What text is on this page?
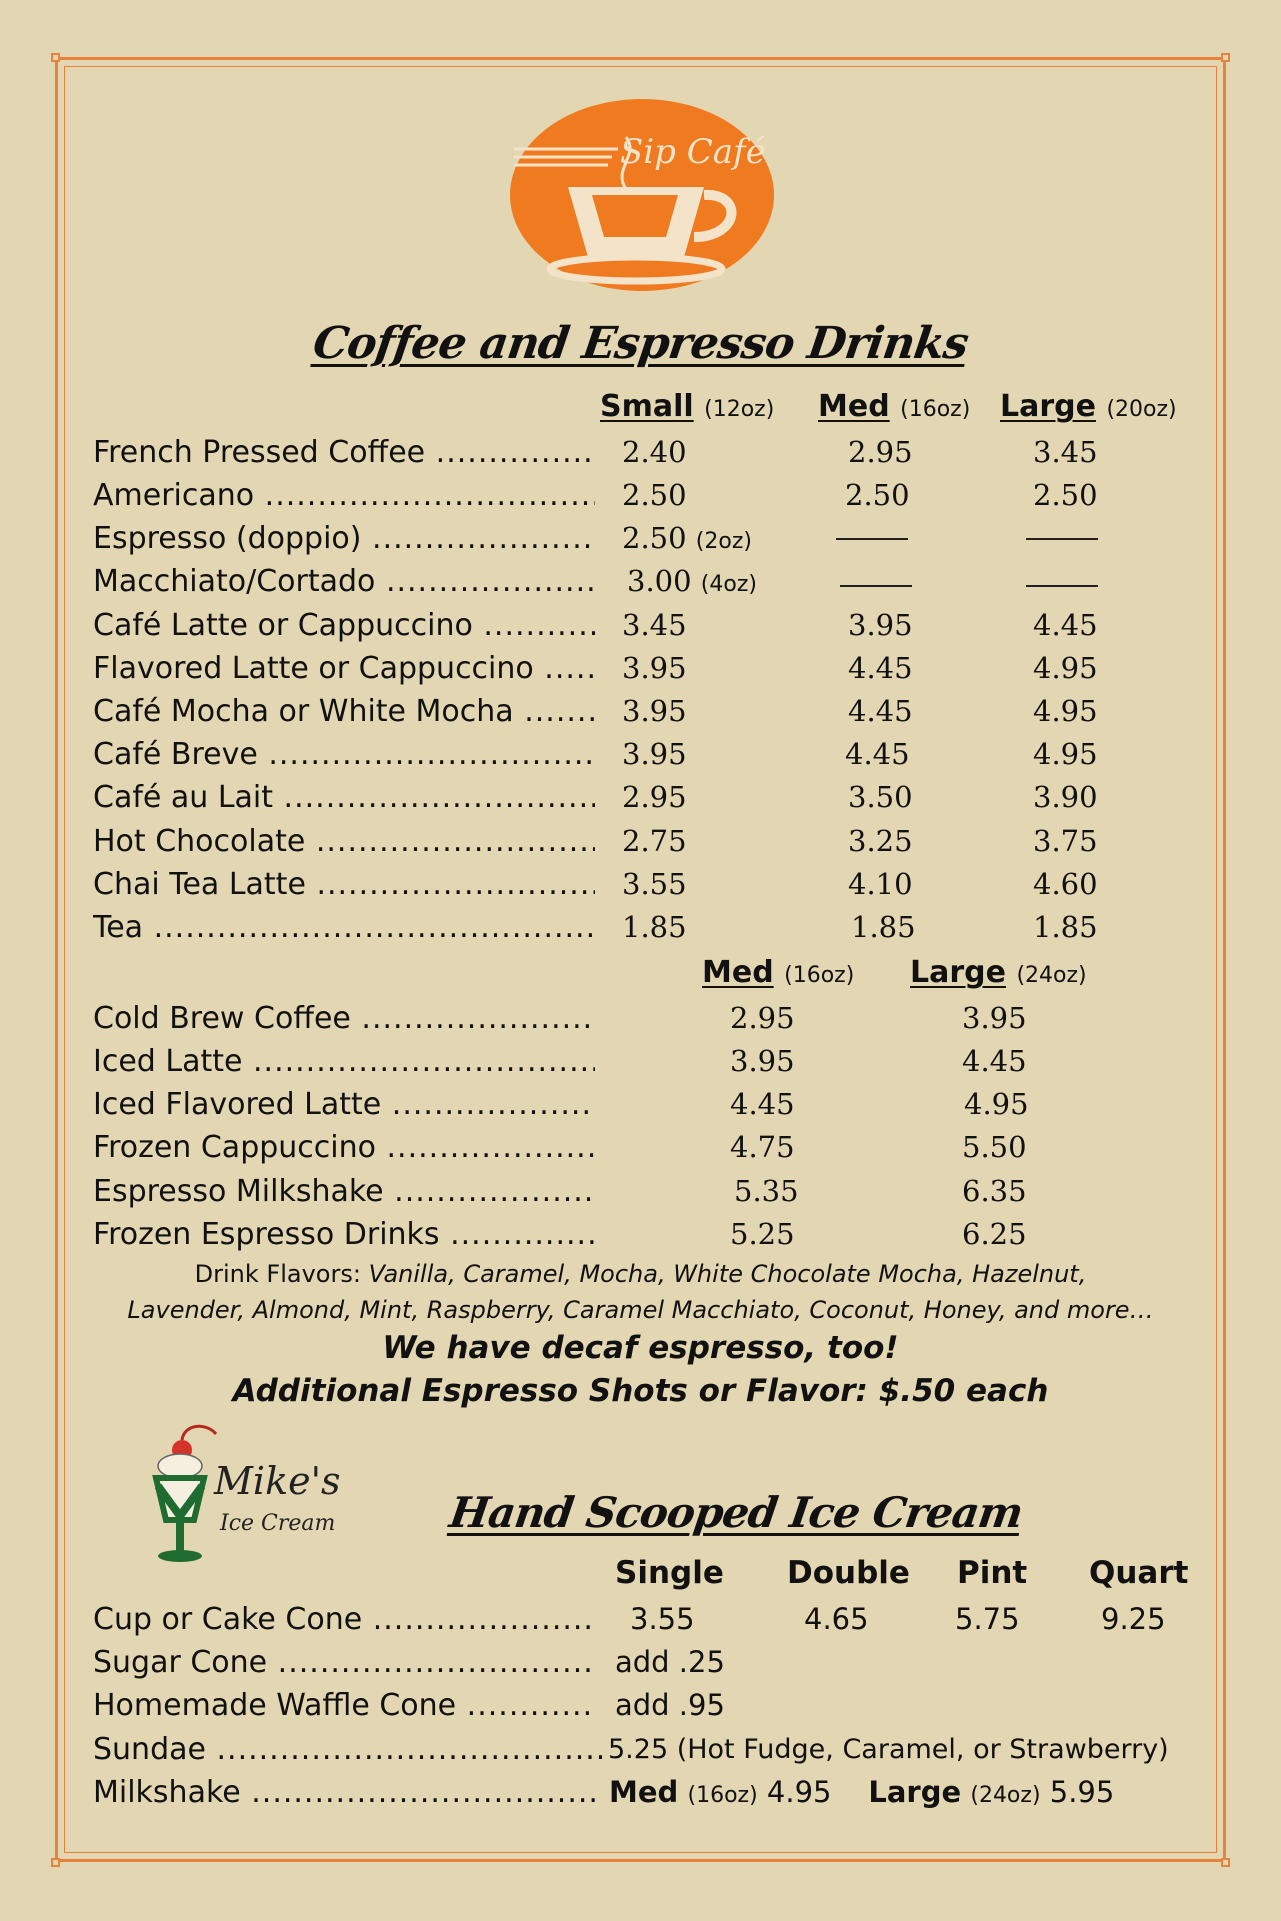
Sip Café
Coffee and Espresso Drinks
Small (12oz) Med (16oz) Large (20oz)
French Pressed Coffee .....	2.40	2.95	3.45
Americano .....	2.50	2.50	2.50
Espresso (doppio) .....	2.50 (2oz)
Macchiato/Cortado .....	3.00 (4oz)
Café Latte or Cappuccino .....	3.45	3.95	4.45
Flavored Latte or Cappuccino .....	3.95	4.45	4.95
Café Mocha or White Mocha .....	3.95	4.45	4.95
Café Breve .....	3.95	4.45	4.95
Café au Lait .....	2.95	3.50	3.90
Hot Chocolate .....	2.75	3.25	3.75
Chai Tea Latte .....	3.55	4.10	4.60
Tea .....	1.85	1.85	1.85
Med (16oz) Large (24oz)
Cold Brew Coffee .....	2.95	3.95
Iced Latte .....	3.95	4.45
Iced Flavored Latte .....	4.45	4.95
Frozen Cappuccino .....	4.75	5.50
Espresso Milkshake .....	5.35	6.35
Frozen Espresso Drinks .....	5.25	6.25
Drink Flavors: Vanilla, Caramel, Mocha, White Chocolate Mocha, Hazelnut,
Lavender, Almond, Mint, Raspberry, Caramel Macchiato, Coconut, Honey, and more…
We have decaf espresso, too!
Additional Espresso Shots or Flavor: $.50 each
Mike's
Ice Cream	Hand Scooped Ice Cream
Single Double Pint Quart
Cup or Cake Cone .....	3.55	4.65	5.75	9.25
Sugar Cone .....	add .25
Homemade Waffle Cone .....	add .95
Sundae .....	5.25 (Hot Fudge, Caramel, or Strawberry)
Milkshake .....	Med (16oz) 4.95 Large (24oz) 5.95
